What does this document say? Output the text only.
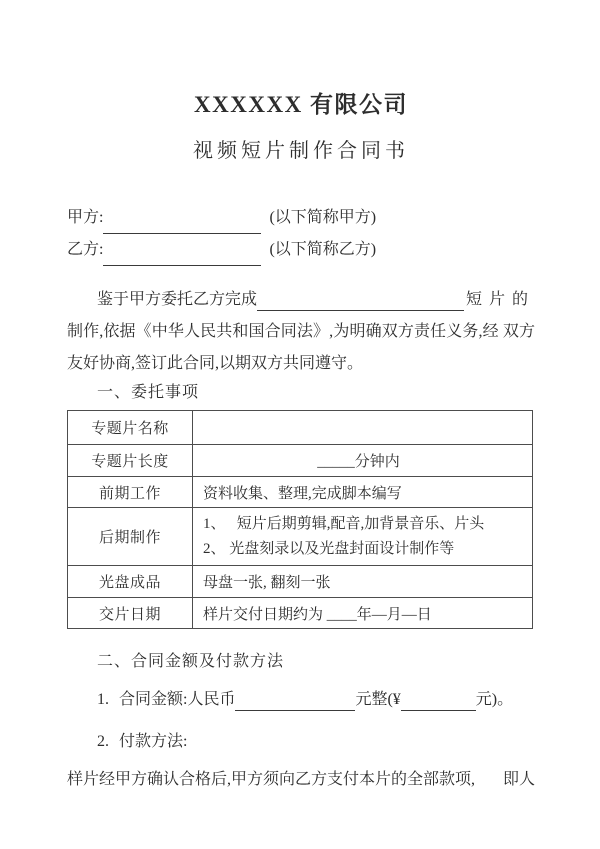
XXXXXX 有限公司
视频短片制作合同书
甲方:	(以下简称甲方)
乙方:	(以下简称乙方)
鉴于甲方委托乙方完成	短片的
制作,依据《中华人民共和国合同法》,为明确双方责任义务,经 双方
友好协商,签订此合同,以期双方共同遵守。
一、委托事项
专题片名称	
专题片长度	_____分钟内
前期工作	资料收集、整理,完成脚本编写
后期制作	1、　 短片后期剪辑,配音,加背景音乐、片头
2、 光盘刻录以及光盘封面设计制作等

光盘成品	母盘一张, 翻刻一张
交片日期	样片交付日期约为 ____年—月—日
二、合同金额及付款方法
1. 合同金额:人民币	元整(¥	元)。
2. 付款方法:
样片经甲方确认合格后,甲方须向乙方支付本片的全部款项, 即人
